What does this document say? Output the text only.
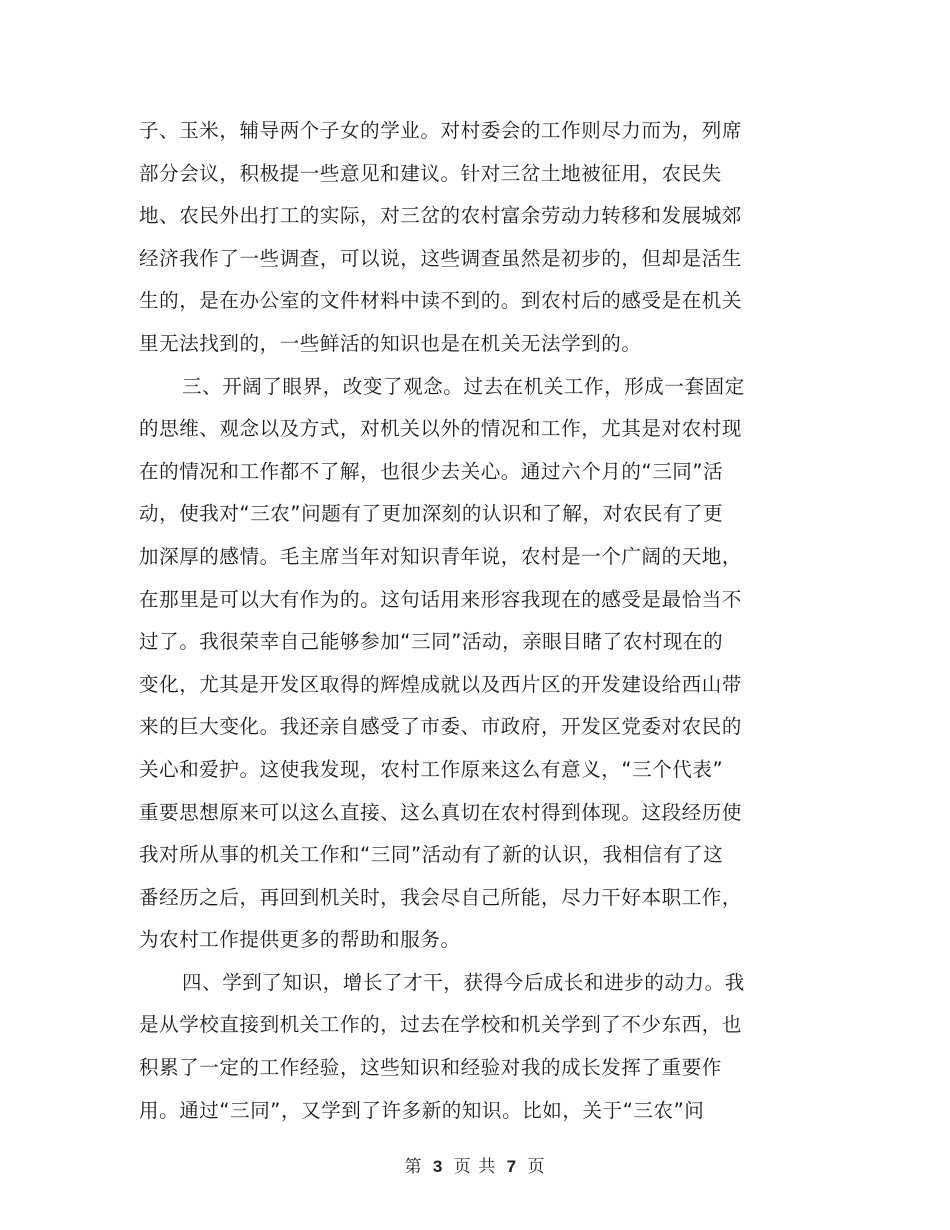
子、玉米，辅导两个子女的学业。对村委会的工作则尽力而为，列席
部分会议，积极提一些意见和建议。针对三岔土地被征用，农民失
地、农民外出打工的实际，对三岔的农村富余劳动力转移和发展城郊
经济我作了一些调查，可以说，这些调查虽然是初步的，但却是活生
生的，是在办公室的文件材料中读不到的。到农村后的感受是在机关
里无法找到的，一些鲜活的知识也是在机关无法学到的。
三、开阔了眼界，改变了观念。过去在机关工作，形成一套固定
的思维、观念以及方式，对机关以外的情况和工作，尤其是对农村现
在的情况和工作都不了解，也很少去关心。通过六个月的“三同”活
动，使我对“三农”问题有了更加深刻的认识和了解，对农民有了更
加深厚的感情。毛主席当年对知识青年说，农村是一个广阔的天地，
在那里是可以大有作为的。这句话用来形容我现在的感受是最恰当不
过了。我很荣幸自己能够参加“三同”活动，亲眼目睹了农村现在的
变化，尤其是开发区取得的辉煌成就以及西片区的开发建设给西山带
来的巨大变化。我还亲自感受了市委、市政府，开发区党委对农民的
关心和爱护。这使我发现，农村工作原来这么有意义，“三个代表”
重要思想原来可以这么直接、这么真切在农村得到体现。这段经历使
我对所从事的机关工作和“三同”活动有了新的认识，我相信有了这
番经历之后，再回到机关时，我会尽自己所能，尽力干好本职工作，
为农村工作提供更多的帮助和服务。
四、学到了知识，增长了才干，获得今后成长和进步的动力。我
是从学校直接到机关工作的，过去在学校和机关学到了不少东西，也
积累了一定的工作经验，这些知识和经验对我的成长发挥了重要作
用。通过“三同”，又学到了许多新的知识。比如，关于“三农”问
第 3 页 共 7 页
